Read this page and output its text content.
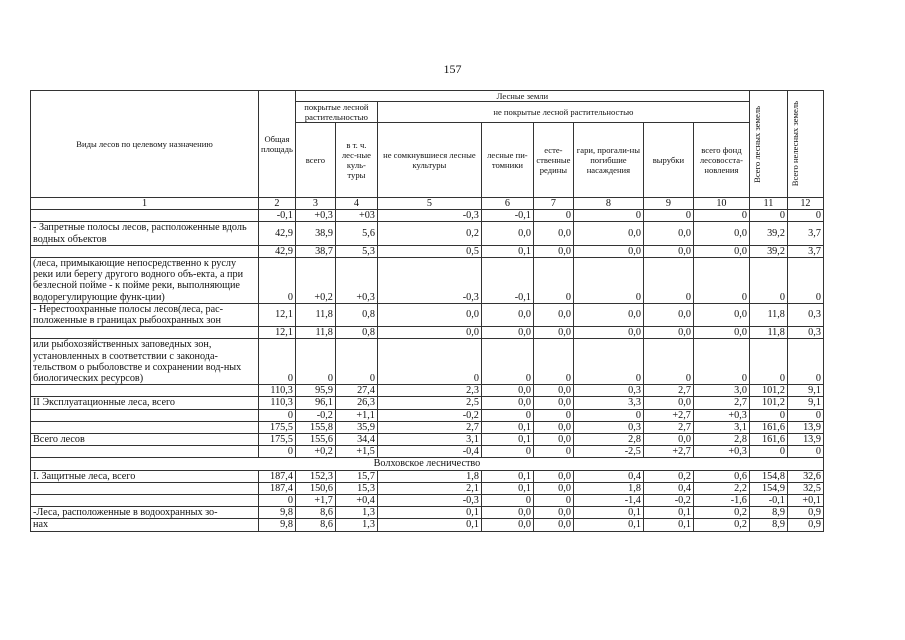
157
Виды лесов по целевому назначению	Общая площадь	Лесные земли								Всего лесных земель	Всего нелесных земель

		покрытые лесной растительностью		не покрытые лесной растительностью							
		всего	в т. ч. лес-ные куль-туры	не сомкнувшиеся лесные культуры	лесные пи-томники	есте-ственные редины	гари, прогали-ны погибшие насаждения	вырубки	всего фонд лесовосста-новления		
1	2	3	4	5	6	7	8	9	10	11	12
	-0,1	+0,3	+03	-0,3	-0,1	0	0	0	0	0	0
- Запретные полосы лесов, расположенные вдоль водных объектов	42,9	38,9	5,6	0,2	0,0	0,0	0,0	0,0	0,0	39,2	3,7
	42,9	38,7	5,3	0,5	0,1	0,0	0,0	0,0	0,0	39,2	3,7
(леса, примыкающие непосредственно к руслу реки или берегу другого водного объ-екта, а при безлесной пойме - к пойме реки, выполняющие водорегулирующие функ-ции)	0	+0,2	+0,3	-0,3	-0,1	0	0	0	0	0	0
- Нерестоохранные полосы лесов(леса, рас-положенные в границах рыбоохранных зон	12,1	11,8	0,8	0,0	0,0	0,0	0,0	0,0	0,0	11,8	0,3
	12,1	11,8	0,8	0,0	0,0	0,0	0,0	0,0	0,0	11,8	0,3
или рыбохозяйственных заповедных зон, установленных в соответствии с законода-тельством о рыболовстве и сохранении вод-ных биологических ресурсов)	0	0	0	0	0	0	0	0	0	0	0
	110,3	95,9	27,4	2,3	0,0	0,0	0,3	2,7	3,0	101,2	9,1
II Эксплуатационные леса, всего	110,3	96,1	26,3	2,5	0,0	0,0	3,3	0,0	2,7	101,2	9,1
	0	-0,2	+1,1	-0,2	0	0	0	+2,7	+0,3	0	0
	175,5	155,8	35,9	2,7	0,1	0,0	0,3	2,7	3,1	161,6	13,9
Всего лесов	175,5	155,6	34,4	3,1	0,1	0,0	2,8	0,0	2,8	161,6	13,9
	0	+0,2	+1,5	-0,4	0	0	-2,5	+2,7	+0,3	0	0
Волховское лесничество											
I. Защитные леса, всего	187,4	152,3	15,7	1,8	0,1	0,0	0,4	0,2	0,6	154,8	32,6
	187,4	150,6	15,3	2,1	0,1	0,0	1,8	0,4	2,2	154,9	32,5
	0	+1,7	+0,4	-0,3	0	0	-1,4	-0,2	-1,6	-0,1	+0,1
-Леса, расположенные в водоохранных зо-	9,8	8,6	1,3	0,1	0,0	0,0	0,1	0,1	0,2	8,9	0,9
нах	9,8	8,6	1,3	0,1	0,0	0,0	0,1	0,1	0,2	8,9	0,9
